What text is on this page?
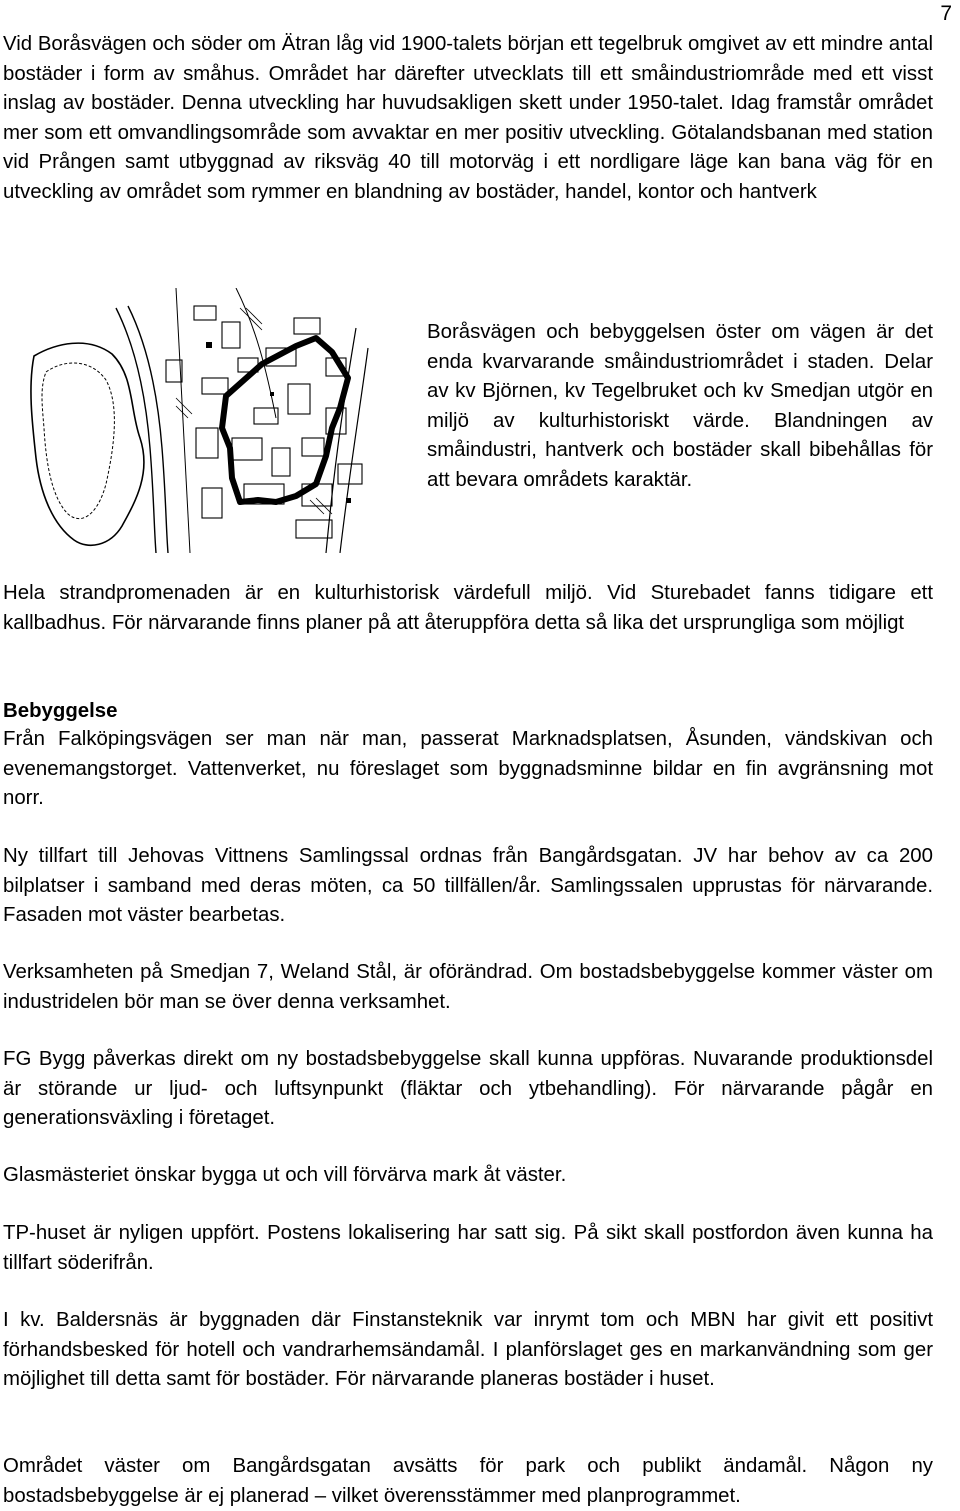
7

Vid Boråsvägen och söder om Ätran låg vid 1900-talets början ett tegelbruk omgivet av ett mindre antal bostäder i form av småhus. Området har därefter utvecklats till ett småindustriområde med ett visst inslag av bostäder. Denna utveckling har huvudsakligen skett under 1950-talet. Idag framstår området mer som ett omvandlingsområde som avvaktar en mer positiv utveckling. Götalandsbanan med station vid Prången samt utbyggnad av riksväg 40 till motorväg i ett nordligare läge kan bana väg för en utveckling av området som rymmer en blandning av bostäder, handel, kontor och hantverk

Boråsvägen och bebyggelsen öster om vägen är det enda kvarvarande småindustriområdet i staden. Delar av kv Björnen, kv Tegelbruket och kv Smedjan utgör en miljö av kulturhistoriskt värde. Blandningen av småindustri, hantverk och bostäder skall bibehållas för att bevara områdets karaktär.

Hela strandpromenaden är en kulturhistorisk värdefull miljö. Vid Sturebadet fanns tidigare ett kallbadhus. För närvarande finns planer på att återuppföra detta så lika det ursprungliga som möjligt

Bebyggelse

Från Falköpingsvägen ser man när man, passerat Marknadsplatsen, Åsunden, vändskivan och evenemangstorget. Vattenverket, nu föreslaget som byggnadsminne bildar en fin avgränsning mot norr.

Ny tillfart till Jehovas Vittnens Samlingssal ordnas från Bangårdsgatan. JV har behov av ca 200 bilplatser i samband med deras möten, ca 50 tillfällen/år. Samlingssalen upprustas för närvarande. Fasaden mot väster bearbetas.

Verksamheten på Smedjan 7, Weland Stål, är oförändrad. Om bostadsbebyggelse kommer väster om industridelen bör man se över denna verksamhet.

FG Bygg påverkas direkt om ny bostadsbebyggelse skall kunna uppföras. Nuvarande produktionsdel är störande ur ljud- och luftsynpunkt (fläktar och ytbehandling). För närvarande pågår en generationsväxling i företaget.

Glasmästeriet önskar bygga ut och vill förvärva mark åt väster.

TP-huset är nyligen uppfört. Postens lokalisering har satt sig. På sikt skall postfordon även kunna ha tillfart söderifrån.

I kv. Baldersnäs är byggnaden där Finstansteknik var inrymt tom och MBN har givit ett positivt förhandsbesked för hotell och vandrarhemsändamål. I planförslaget ges en markanvändning som ger möjlighet till detta samt för bostäder. För närvarande planeras bostäder i huset.

Området väster om Bangårdsgatan avsätts för park och publikt ändamål. Någon ny bostadsbebyggelse är ej planerad – vilket överensstämmer med planprogrammet.
